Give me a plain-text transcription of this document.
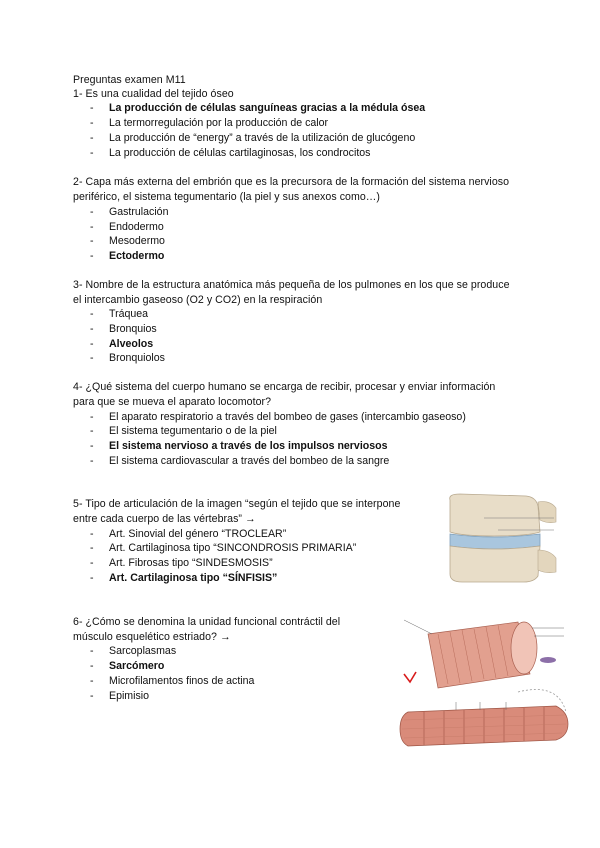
Preguntas examen M11
1- Es una cualidad del tejido óseo
- La producción de células sanguíneas gracias a la médula ósea
- La termorregulación por la producción de calor
- La producción de “energy” a través de la utilización de glucógeno
- La producción de células cartilaginosas, los condrocitos
2- Capa más externa del embrión que es la precursora de la formación del sistema nervioso
periférico, el sistema tegumentario (la piel y sus anexos como…)
- Gastrulación
- Endodermo
- Mesodermo
- Ectodermo
3- Nombre de la estructura anatómica más pequeña de los pulmones en los que se produce
el intercambio gaseoso (O2 y CO2) en la respiración
- Tráquea
- Bronquios
- Alveolos
- Bronquiolos
4- ¿Qué sistema del cuerpo humano se encarga de recibir, procesar y enviar información
para que se mueva el aparato locomotor?
- El aparato respiratorio a través del bombeo de gases (intercambio gaseoso)
- El sistema tegumentario o de la piel
- El sistema nervioso a través de los impulsos nerviosos
- El sistema cardiovascular a través del bombeo de la sangre
5- Tipo de articulación de la imagen “según el tejido que se interpone
entre cada cuerpo de las vértebras” →
- Art. Sinovial del género “TROCLEAR”
- Art. Cartilaginosa tipo “SINCONDROSIS PRIMARIA”
- Art. Fibrosas tipo “SINDESMOSIS”
- Art. Cartilaginosa tipo “SÍNFISIS”
6- ¿Cómo se denomina la unidad funcional contráctil del
músculo esquelético estriado? →
- Sarcoplasmas
- Sarcómero
- Microfilamentos finos de actina
- Epimisio
